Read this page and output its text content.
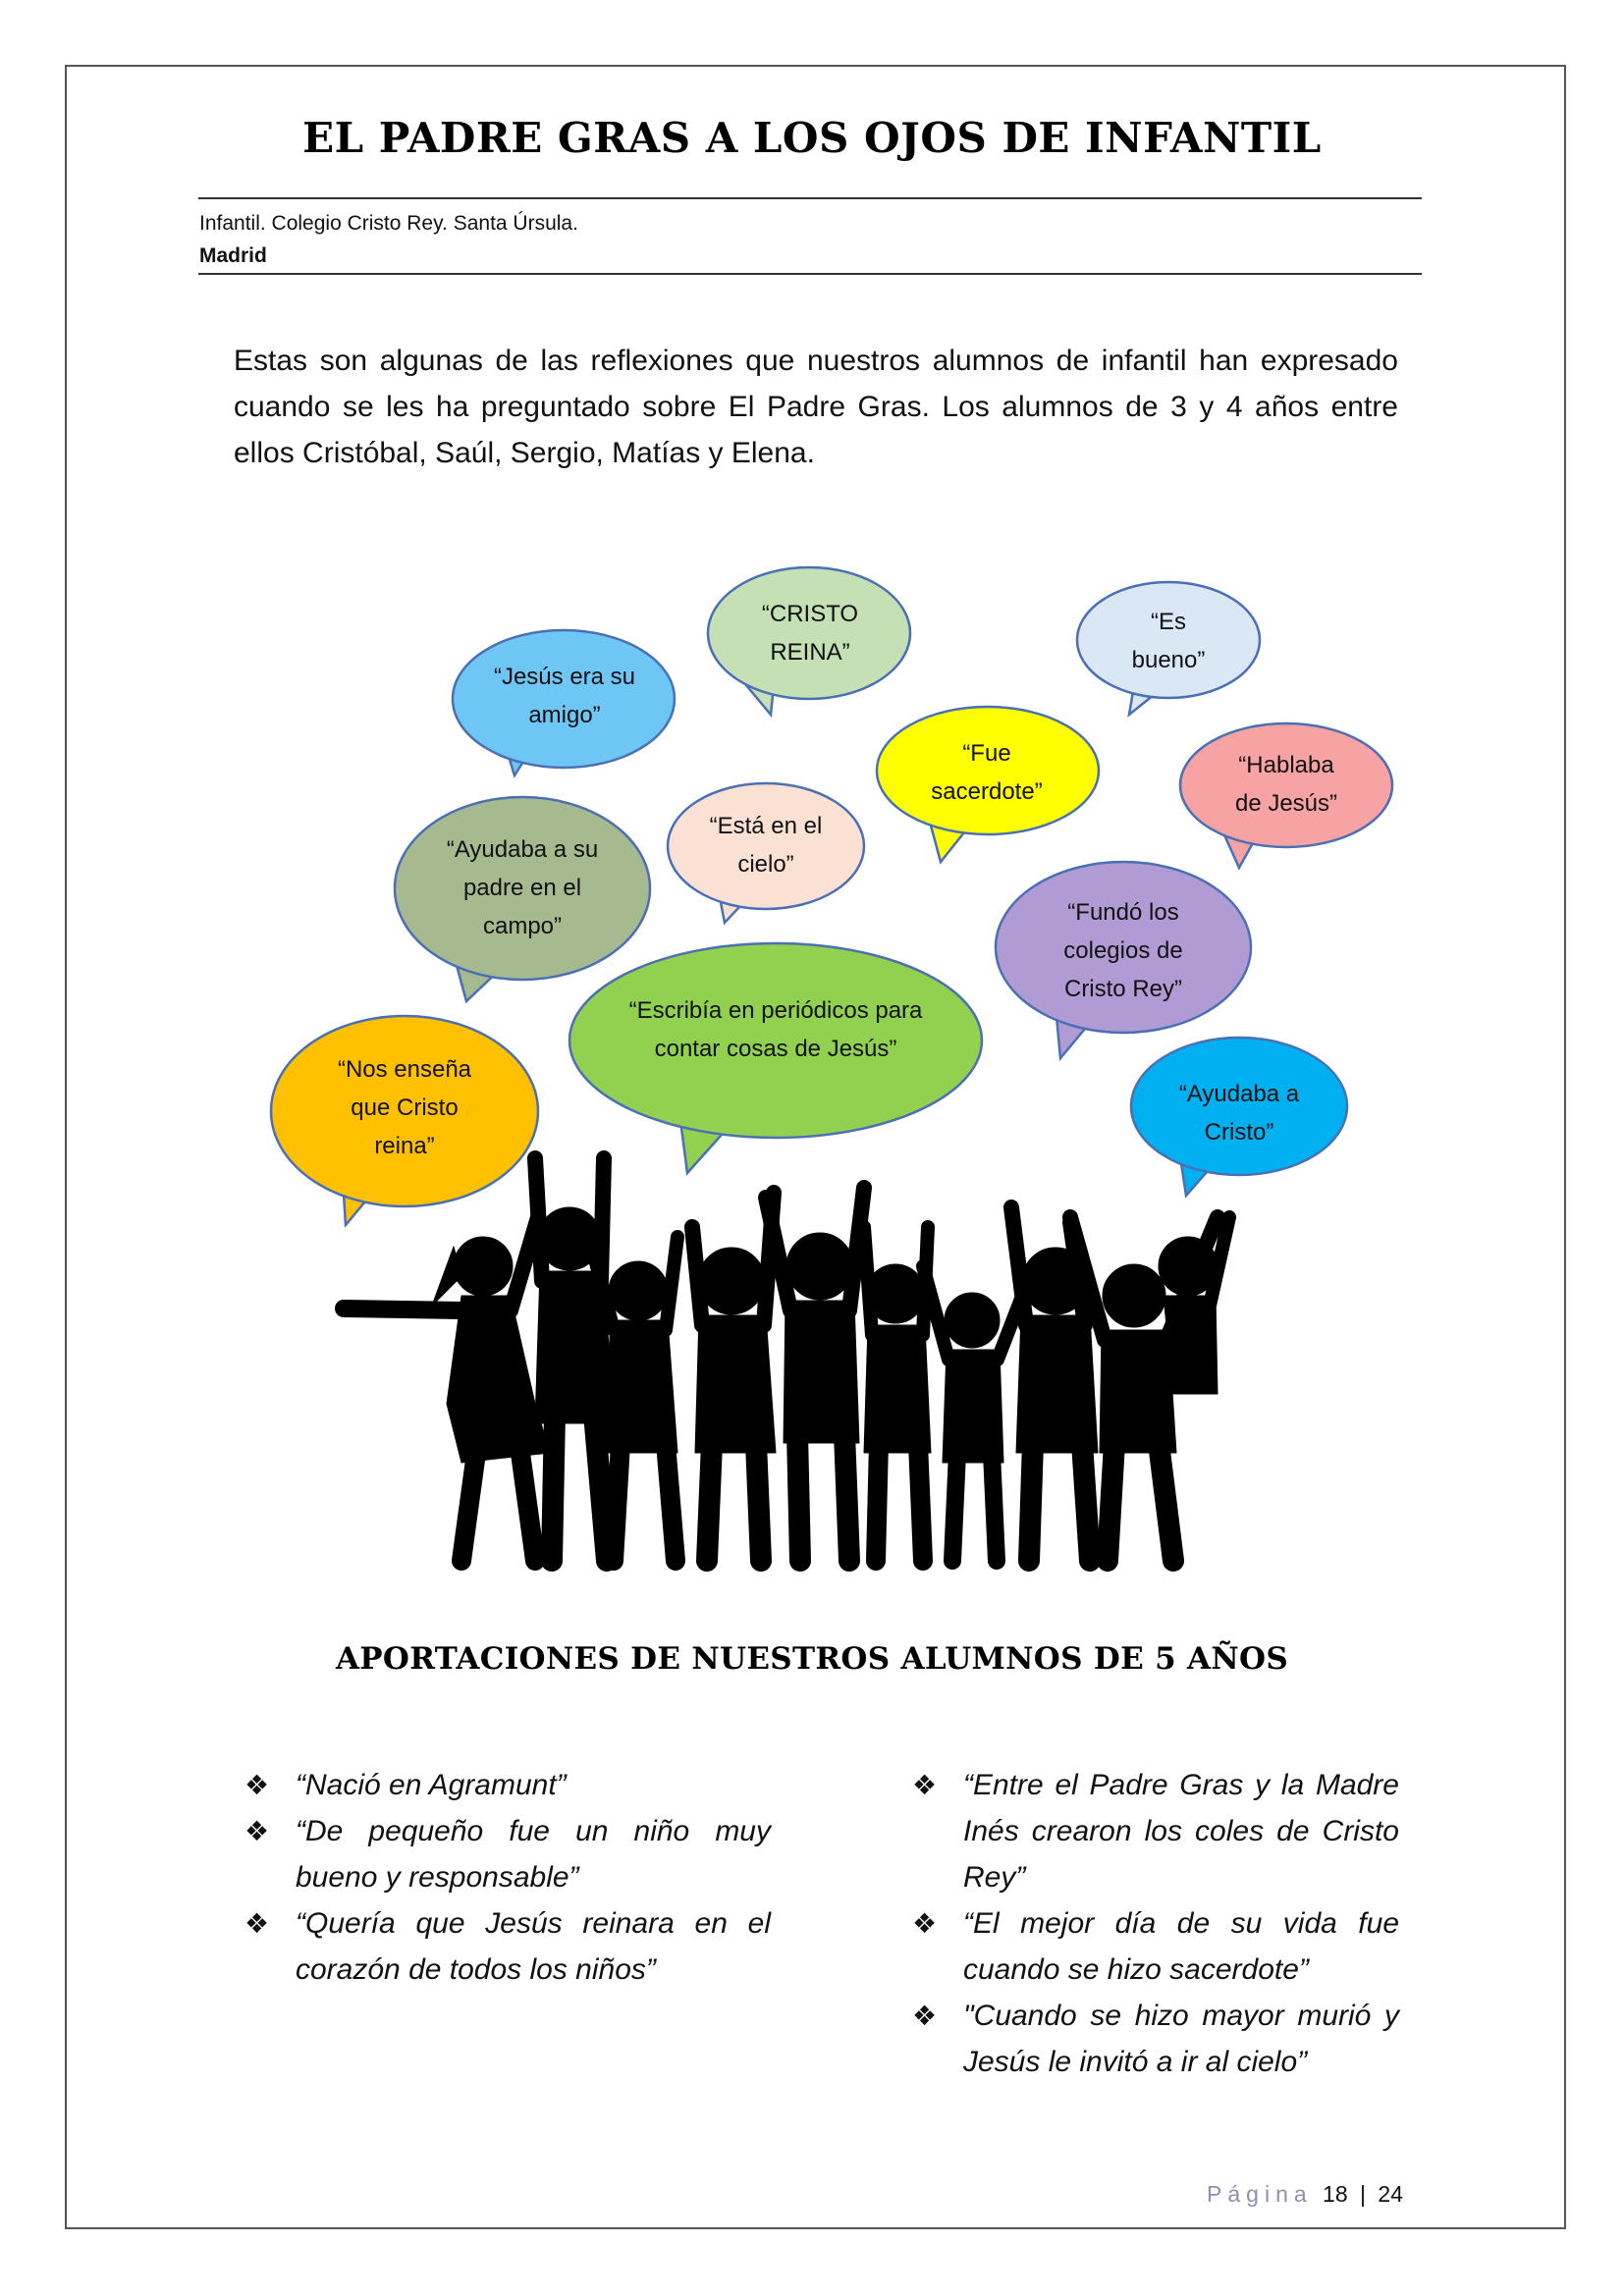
EL PADRE GRAS A LOS OJOS DE INFANTIL
Infantil. Colegio Cristo Rey. Santa Úrsula.
Madrid
Estas son algunas de las reflexiones que nuestros alumnos de infantil han expresado cuando se les ha preguntado sobre El Padre Gras. Los alumnos de 3 y 4 años entre ellos Cristóbal, Saúl, Sergio, Matías y Elena.
“CRISTO REINA”
“Es bueno”
“Jesús era su amigo”
“Fue sacerdote”
“Hablaba de Jesús”
“Está en el cielo”
“Ayudaba a su padre en el campo”
“Fundó los colegios de Cristo Rey”
“Escribía en periódicos para contar cosas de Jesús”
“Nos enseña que Cristo reina”
“Ayudaba a Cristo”
APORTACIONES DE NUESTROS ALUMNOS DE 5 AÑOS
❖ “Nació en Agramunt”
❖ “De pequeño fue un niño muy bueno y responsable”
❖ “Quería que Jesús reinara en el corazón de todos los niños”
❖ “Entre el Padre Gras y la Madre Inés crearon los coles de Cristo Rey”
❖ “El mejor día de su vida fue cuando se hizo sacerdote”
❖ "Cuando se hizo mayor murió y Jesús le invitó a ir al cielo”
Página 18 | 24
